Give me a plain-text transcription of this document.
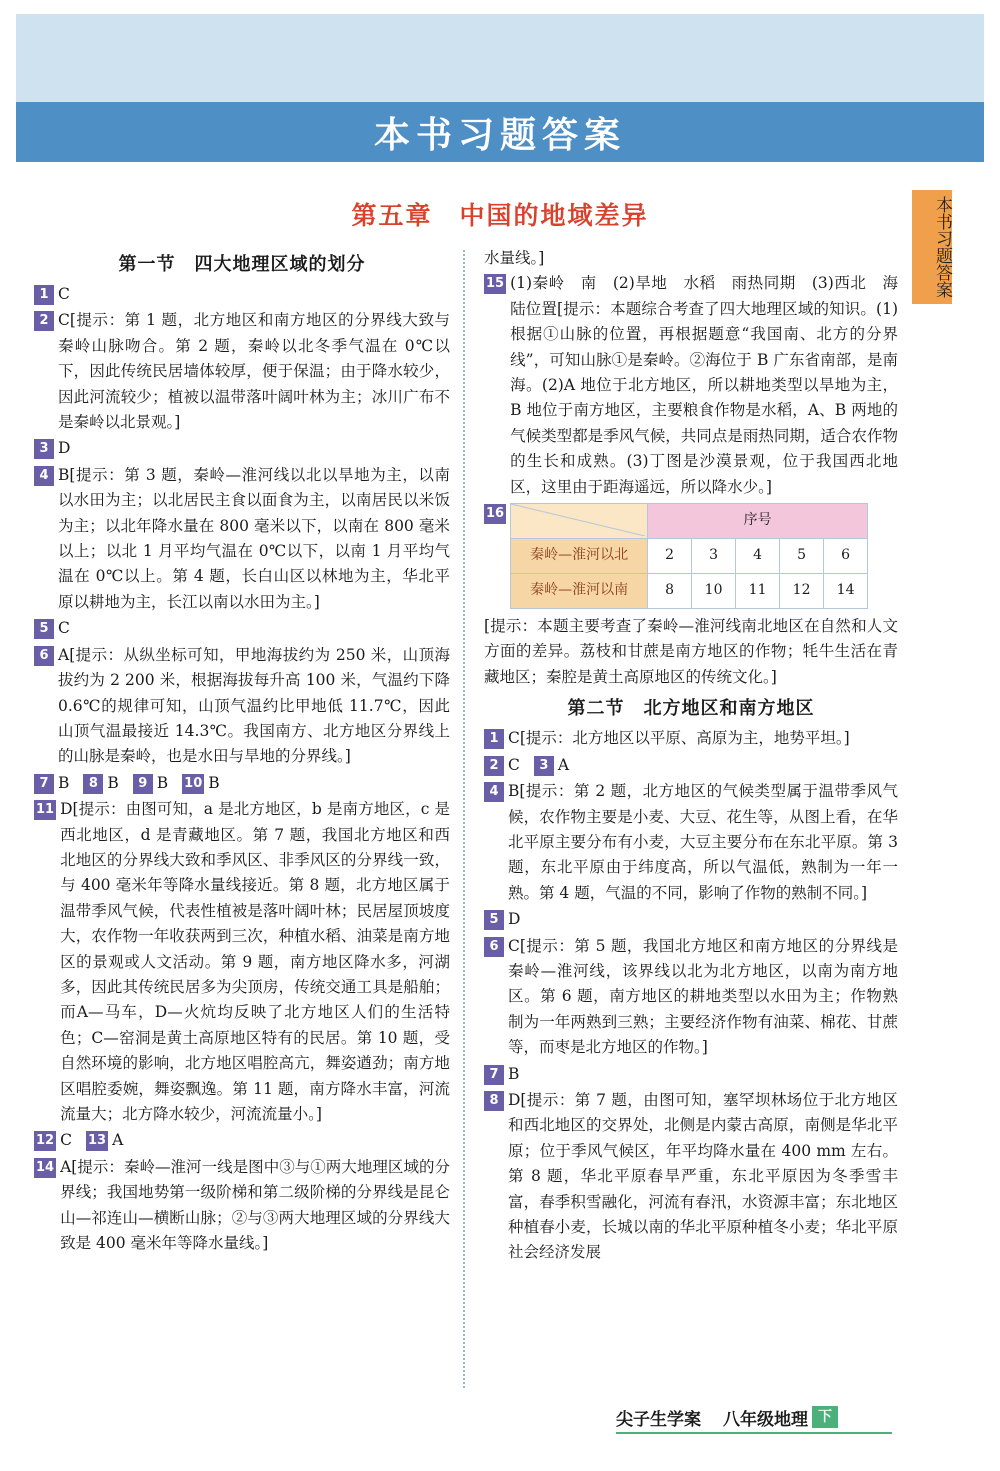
本书习题答案
本书习题答案
第五章　中国的地域差异
第一节　四大地理区域的划分
1 C
2 C[提示：第 1 题，北方地区和南方地区的分界线大致与秦岭山脉吻合。第 2 题，秦岭以北冬季气温在 0℃以下，因此传统民居墙体较厚，便于保温；由于降水较少，因此河流较少；植被以温带落叶阔叶林为主；冰川广布不是秦岭以北景观。]
3 D
4 B[提示：第 3 题，秦岭—淮河线以北以旱地为主，以南以水田为主；以北居民主食以面食为主，以南居民以米饭为主；以北年降水量在 800 毫米以下，以南在 800 毫米以上；以北 1 月平均气温在 0℃以下，以南 1 月平均气温在 0℃以上。第 4 题，长白山区以林地为主，华北平原以耕地为主，长江以南以水田为主。]
5 C
6 A[提示：从纵坐标可知，甲地海拔约为 250 米，山顶海拔约为 2 200 米，根据海拔每升高 100 米，气温约下降 0.6℃的规律可知，山顶气温约比甲地低 11.7℃，因此山顶气温最接近 14.3℃。我国南方、北方地区分界线上的山脉是秦岭，也是水田与旱地的分界线。]
7 B	8 B	9 B 10 B
11 D[提示：由图可知，a 是北方地区，b 是南方地区，c 是西北地区，d 是青藏地区。第 7 题，我国北方地区和西北地区的分界线大致和季风区、非季风区的分界线一致，与 400 毫米年等降水量线接近。第 8 题，北方地区属于温带季风气候，代表性植被是落叶阔叶林；民居屋顶坡度大，农作物一年收获两到三次，种植水稻、油菜是南方地区的景观或人文活动。第 9 题，南方地区降水多，河湖多，因此其传统民居多为尖顶房，传统交通工具是船舶；而A—马车，D—火炕均反映了北方地区人们的生活特色；C—窑洞是黄土高原地区特有的民居。第 10 题，受自然环境的影响，北方地区唱腔高亢，舞姿遒劲；南方地区唱腔委婉，舞姿飘逸。第 11 题，南方降水丰富，河流流量大；北方降水较少，河流流量小。]
12 C 13 A
14 A[提示：秦岭—淮河一线是图中③与①两大地理区域的分界线；我国地势第一级阶梯和第二级阶梯的分界线是昆仑山—祁连山—横断山脉；②与③两大地理区域的分界线大致是 400 毫米年等降水量线。]
水量线。]
15 (1)秦岭　南　(2)旱地　水稻　雨热同期　(3)西北　海陆位置[提示：本题综合考查了四大地理区域的知识。(1)根据①山脉的位置，再根据题意“我国南、北方的分界线”，可知山脉①是秦岭。②海位于 B 广东省南部，是南海。(2)A 地位于北方地区，所以耕地类型以旱地为主，B 地位于南方地区，主要粮食作物是水稻，A、B 两地的气候类型都是季风气候，共同点是雨热同期，适合农作物的生长和成熟。(3)丁图是沙漠景观，位于我国西北地区，这里由于距海遥远，所以降水少。]
16
		序号				
秦岭—淮河以北	2	3	4	5	6
秦岭—淮河以南	8	10	11	12	14
[提示：本题主要考查了秦岭—淮河线南北地区在自然和人文方面的差异。荔枝和甘蔗是南方地区的作物；牦牛生活在青藏地区；秦腔是黄土高原地区的传统文化。]
第二节　北方地区和南方地区
1 C[提示：北方地区以平原、高原为主，地势平坦。]
2 C	3 A
4 B[提示：第 2 题，北方地区的气候类型属于温带季风气候，农作物主要是小麦、大豆、花生等，从图上看，在华北平原主要分布有小麦，大豆主要分布在东北平原。第 3 题，东北平原由于纬度高，所以气温低，熟制为一年一熟。第 4 题，气温的不同，影响了作物的熟制不同。]
5 D
6 C[提示：第 5 题，我国北方地区和南方地区的分界线是秦岭—淮河线，该界线以北为北方地区，以南为南方地区。第 6 题，南方地区的耕地类型以水田为主；作物熟制为一年两熟到三熟；主要经济作物有油菜、棉花、甘蔗等，而枣是北方地区的作物。]
7 B
8 D[提示：第 7 题，由图可知，塞罕坝林场位于北方地区和西北地区的交界处，北侧是内蒙古高原，南侧是华北平原；位于季风气候区，年平均降水量在 400 mm 左右。第 8 题，华北平原春旱严重，东北平原因为冬季雪丰富，春季积雪融化，河流有春汛，水资源丰富；东北地区种植春小麦，长城以南的华北平原种植冬小麦；华北平原社会经济发展
尖子生学案 八年级地理 下
